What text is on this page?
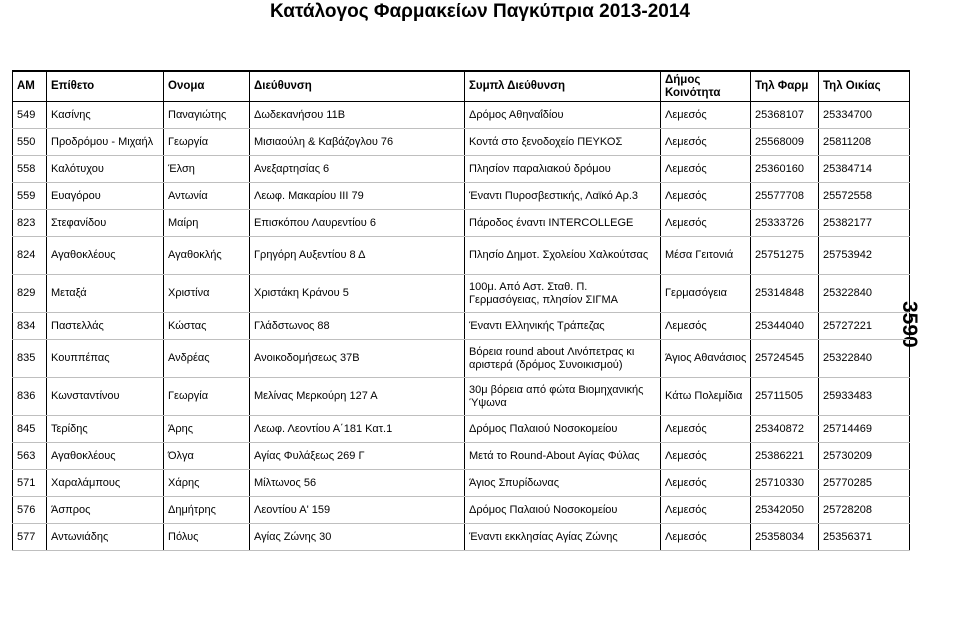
Κατάλογος Φαρμακείων Παγκύπρια 2013-2014
3590
AM	Επίθετο	Ονομα	Διεύθυνση	Συμπλ Διεύθυνση	Δήμος Κοινότητα	Τηλ Φαρμ	Τηλ Οικίας
549	Κασίνης	Παναγιώτης	Δωδεκανήσου 11Β	Δρόμος Αθηναΐδίου	Λεμεσός	25368107	25334700
550	Προδρόμου - Μιχαήλ	Γεωργία	Μισιαούλη & Καβάζογλου 76	Κοντά στο ξενοδοχείο ΠΕΥΚΟΣ	Λεμεσός	25568009	25811208
558	Καλότυχου	Έλση	Ανεξαρτησίας 6	Πλησίον παραλιακού δρόμου	Λεμεσός	25360160	25384714
559	Ευαγόρου	Αντωνία	Λεωφ. Μακαρίου ΙΙΙ 79	Έναντι Πυροσβεστικής, Λαϊκό Αρ.3	Λεμεσός	25577708	25572558
823	Στεφανίδου	Μαίρη	Επισκόπου Λαυρεντίου 6	Πάροδος έναντι INTERCOLLEGE	Λεμεσός	25333726	25382177
824	Αγαθοκλέους	Αγαθοκλής	Γρηγόρη Αυξεντίου 8 Δ	Πλησίο Δημοτ. Σχολείου Χαλκούτσας	Μέσα Γειτονιά	25751275	25753942
829	Μεταξά	Χριστίνα	Χριστάκη Κράνου 5	100μ. Από Αστ. Σταθ. Π. Γερμασόγειας, πλησίον ΣΙΓΜΑ	Γερμασόγεια	25314848	25322840
834	Παστελλάς	Κώστας	Γλάδστωνος 88	Έναντι Ελληνικής Τράπεζας	Λεμεσός	25344040	25727221
835	Κουππέπας	Ανδρέας	Ανοικοδομήσεως 37Β	Βόρεια round about Λινόπετρας κι αριστερά (δρόμος Συνοικισμού)	Άγιος Αθανάσιος	25724545	25322840
836	Κωνσταντίνου	Γεωργία	Μελίνας Μερκούρη 127 Α	30μ βόρεια από φώτα Βιομηχανικής Ύψωνα	Κάτω Πολεμίδια	25711505	25933483
845	Τερίδης	Άρης	Λεωφ. Λεοντίου Α΄181 Κατ.1	Δρόμος Παλαιού Νοσοκομείου	Λεμεσός	25340872	25714469
563	Αγαθοκλέους	Όλγα	Αγίας Φυλάξεως 269 Γ	Μετά το Round-About Αγίας Φύλας	Λεμεσός	25386221	25730209
571	Χαραλάμπους	Χάρης	Μίλτωνος 56	Άγιος Σπυρίδωνας	Λεμεσός	25710330	25770285
576	Άσπρος	Δημήτρης	Λεοντίου Α' 159	Δρόμος Παλαιού Νοσοκομείου	Λεμεσός	25342050	25728208
577	Αντωνιάδης	Πόλυς	Αγίας Ζώνης 30	Έναντι εκκλησίας Αγίας Ζώνης	Λεμεσός	25358034	25356371
